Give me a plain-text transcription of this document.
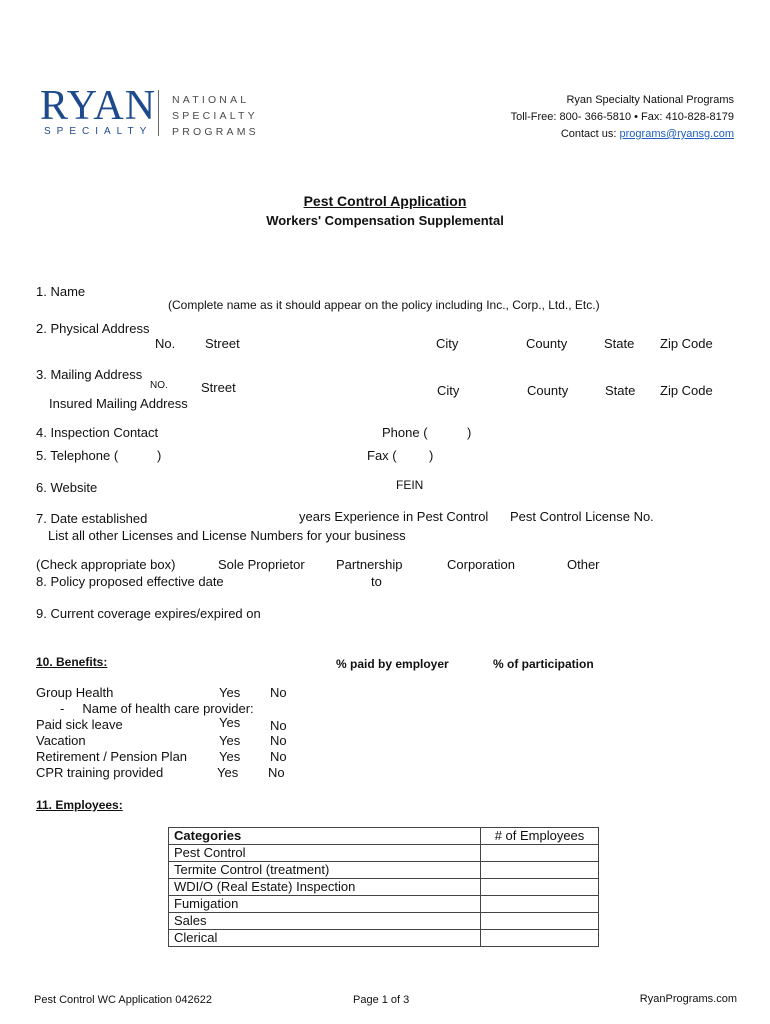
RYAN
SPECIALTY
NATIONAL
SPECIALTY
PROGRAMS
Ryan Specialty National Programs
Toll-Free: 800- 366-5810 • Fax: 410-828-8179
Contact us: programs@ryansg.com
Pest Control Application
Workers' Compensation Supplemental
1. Name
(Complete name as it should appear on the policy including Inc., Corp., Ltd., Etc.)
2. Physical Address
No. Street	City	County	State Zip Code
3. Mailing Address
NO.	Street	City	County	State Zip Code
Insured Mailing Address
4. Inspection Contact	Phone (	)
5. Telephone (	)	Fax ( )
6. Website	FEIN
7. Date established	years Experience in Pest Control Pest Control License No.
List all other Licenses and License Numbers for your business
(Check appropriate box)	Sole Proprietor Partnership	Corporation	Other
8. Policy proposed effective date	to
9. Current coverage expires/expired on
10. Benefits:	% paid by employer	% of participation
Group Health	Yes No
-     Name of health care provider:
Paid sick leave	Yes No
Vacation	Yes No
Retirement / Pension Plan Yes No
CPR training provided	Yes No
11. Employees:
Categories	# of Employees
Pest Control	
Termite Control (treatment)	
WDI/O (Real Estate) Inspection	
Fumigation	
Sales	
Clerical	
Pest Control WC Application 042622	Page 1 of 3	RyanPrograms.com
